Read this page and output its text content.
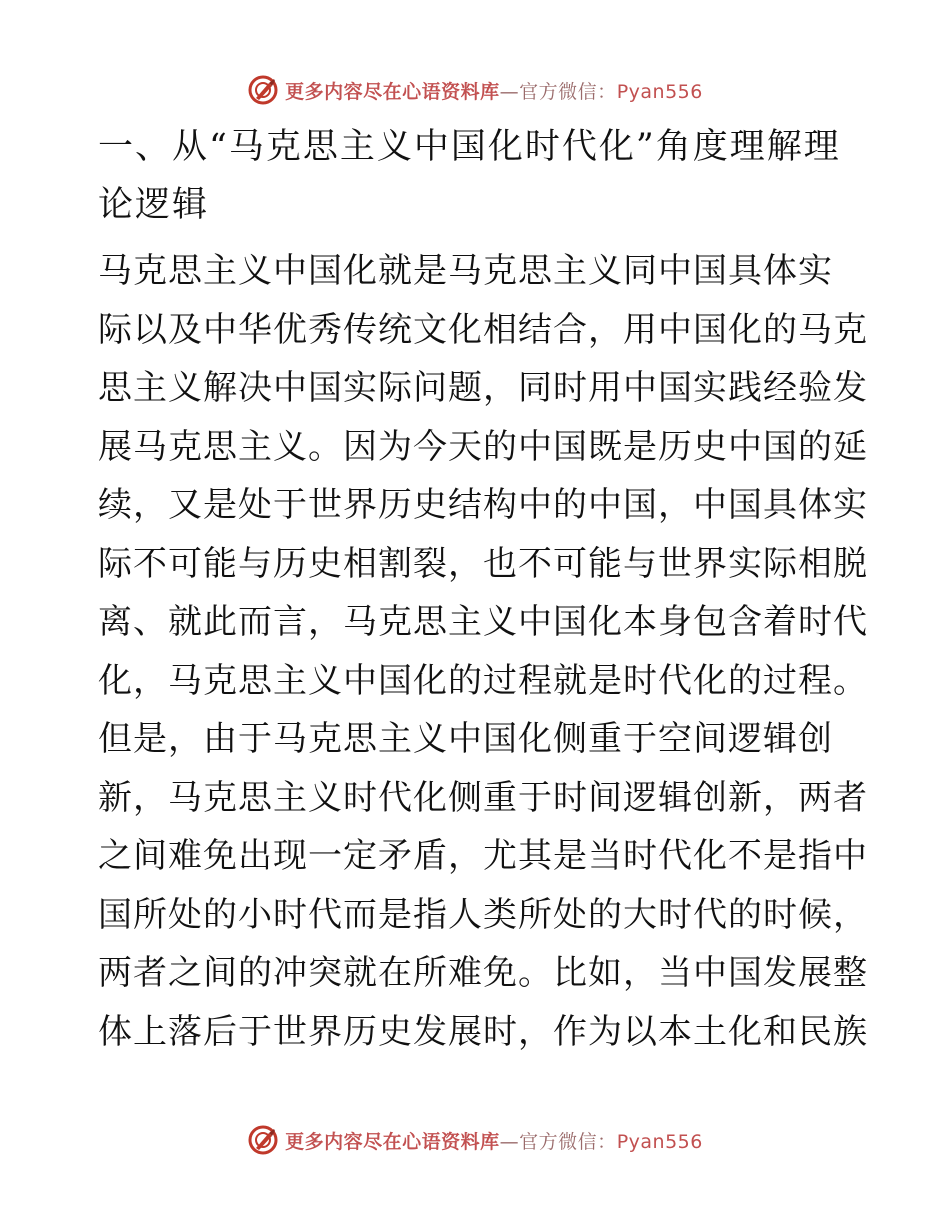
更多内容尽在心语资料库—官方微信：Pyan556
一、从“马克思主义中国化时代化”角度理解理
论逻辑
马克思主义中国化就是马克思主义同中国具体实
际以及中华优秀传统文化相结合，用中国化的马克
思主义解决中国实际问题，同时用中国实践经验发
展马克思主义。因为今天的中国既是历史中国的延
续，又是处于世界历史结构中的中国，中国具体实
际不可能与历史相割裂，也不可能与世界实际相脱
离、就此而言，马克思主义中国化本身包含着时代
化，马克思主义中国化的过程就是时代化的过程。
但是，由于马克思主义中国化侧重于空间逻辑创
新，马克思主义时代化侧重于时间逻辑创新，两者
之间难免出现一定矛盾，尤其是当时代化不是指中
国所处的小时代而是指人类所处的大时代的时候，
两者之间的冲突就在所难免。比如，当中国发展整
体上落后于世界历史发展时，作为以本土化和民族
更多内容尽在心语资料库—官方微信：Pyan556
